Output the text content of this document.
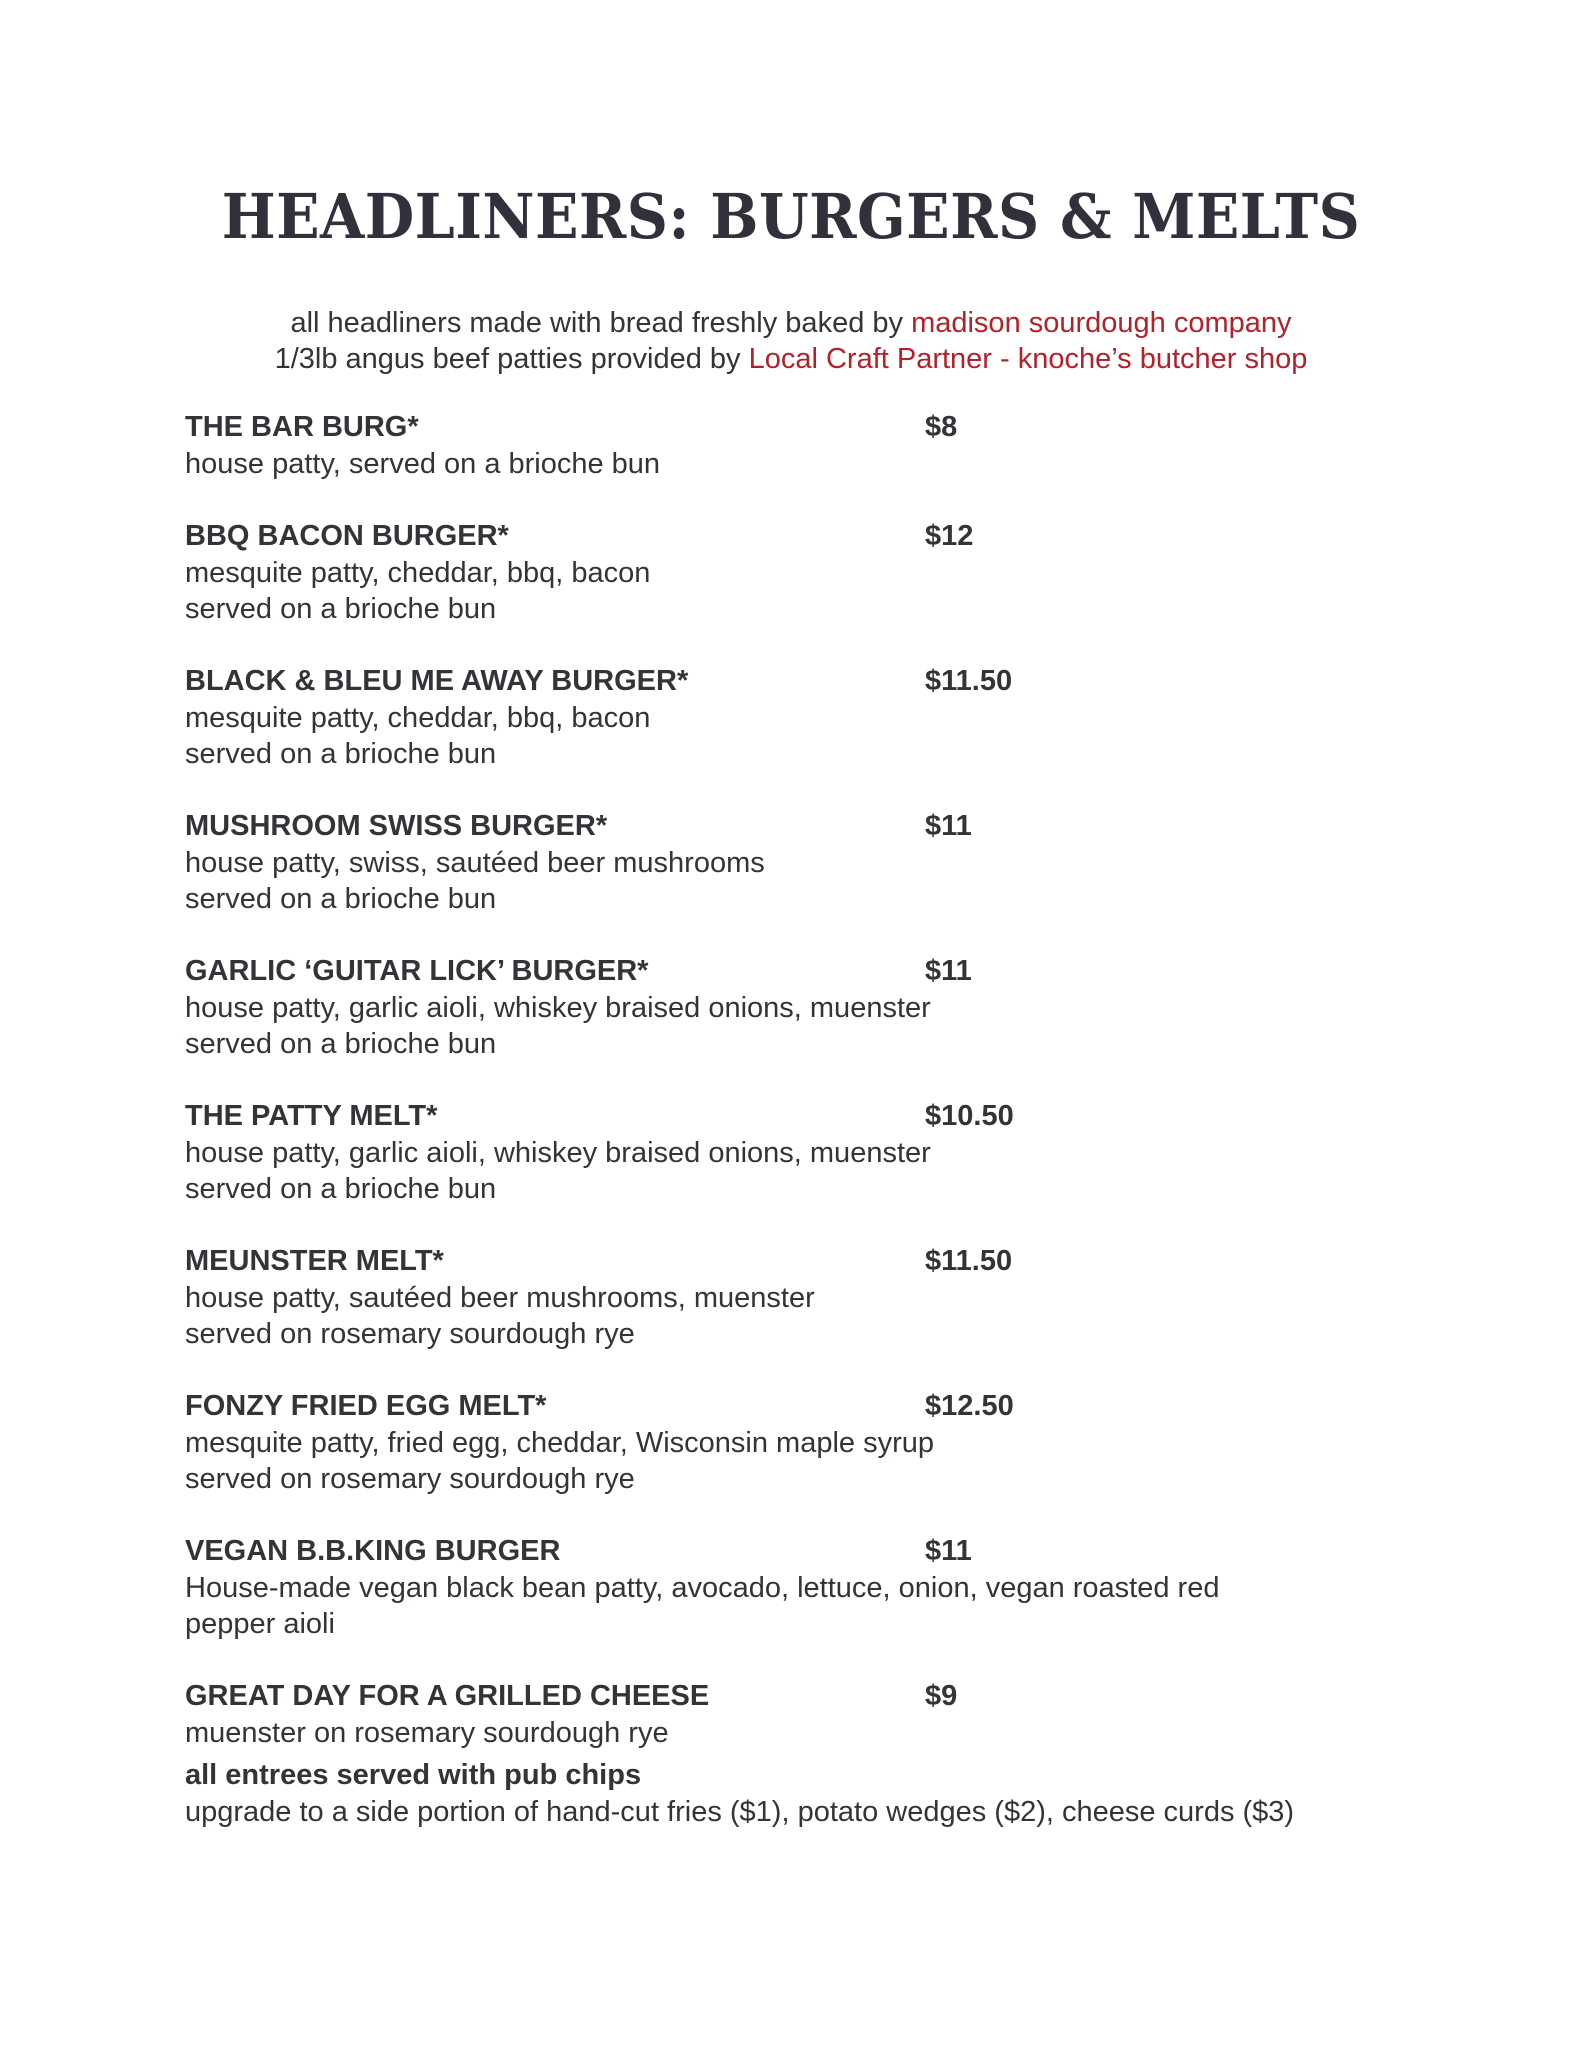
HEADLINERS: BURGERS & MELTS
all headliners made with bread freshly baked by madison sourdough company
1/3lb angus beef patties provided by Local Craft Partner - knoche’s butcher shop
THE BAR BURG*	$8
house patty, served on a brioche bun
BBQ BACON BURGER*	$12
mesquite patty, cheddar, bbq, bacon
served on a brioche bun
BLACK & BLEU ME AWAY BURGER*	$11.50
mesquite patty, cheddar, bbq, bacon
served on a brioche bun
MUSHROOM SWISS BURGER*	$11
house patty, swiss, sautéed beer mushrooms
served on a brioche bun
GARLIC ‘GUITAR LICK’ BURGER*	$11
house patty, garlic aioli, whiskey braised onions, muenster
served on a brioche bun
THE PATTY MELT*	$10.50
house patty, garlic aioli, whiskey braised onions, muenster
served on a brioche bun
MEUNSTER MELT*	$11.50
house patty, sautéed beer mushrooms, muenster
served on rosemary sourdough rye
FONZY FRIED EGG MELT*	$12.50
mesquite patty, fried egg, cheddar, Wisconsin maple syrup
served on rosemary sourdough rye
VEGAN B.B.KING BURGER	$11
House-made vegan black bean patty, avocado, lettuce, onion, vegan roasted red
pepper aioli
GREAT DAY FOR A GRILLED CHEESE	$9
muenster on rosemary sourdough rye
all entrees served with pub chips
upgrade to a side portion of hand-cut fries ($1), potato wedges ($2), cheese curds ($3)
